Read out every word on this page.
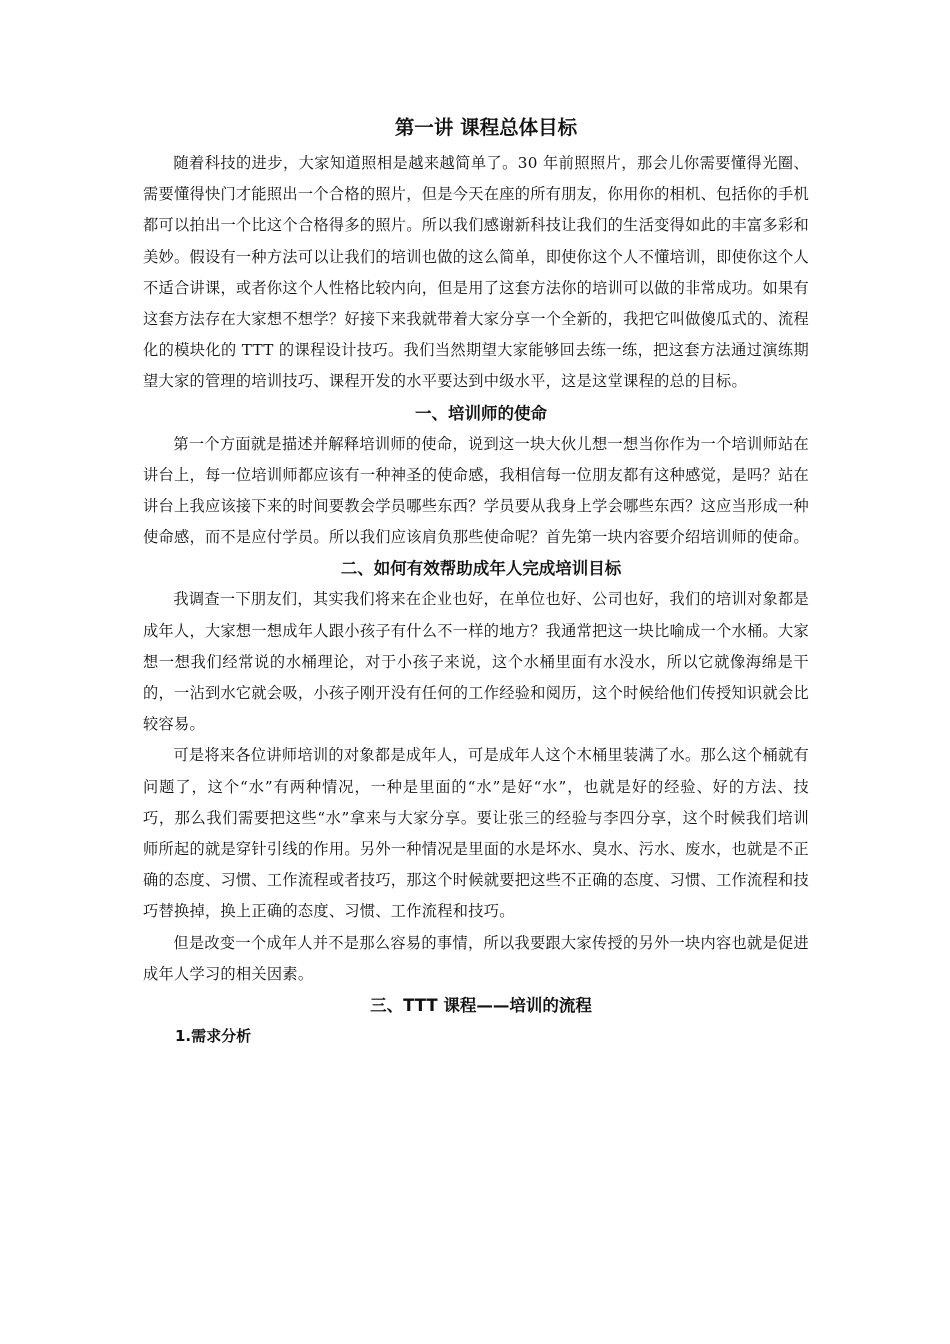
第一讲 课程总体目标

随着科技的进步，大家知道照相是越来越简单了。30 年前照照片，那会儿你需要懂得光圈、需要懂得快门才能照出一个合格的照片，但是今天在座的所有朋友，你用你的相机、包括你的手机都可以拍出一个比这个合格得多的照片。所以我们感谢新科技让我们的生活变得如此的丰富多彩和美妙。假设有一种方法可以让我们的培训也做的这么简单，即使你这个人不懂培训，即使你这个人不适合讲课，或者你这个人性格比较内向，但是用了这套方法你的培训可以做的非常成功。如果有这套方法存在大家想不想学？好接下来我就带着大家分享一个全新的，我把它叫做傻瓜式的、流程化的模块化的 TTT 的课程设计技巧。我们当然期望大家能够回去练一练，把这套方法通过演练期望大家的管理的培训技巧、课程开发的水平要达到中级水平，这是这堂课程的总的目标。

一、培训师的使命

第一个方面就是描述并解释培训师的使命，说到这一块大伙儿想一想当你作为一个培训师站在讲台上，每一位培训师都应该有一种神圣的使命感，我相信每一位朋友都有这种感觉，是吗？站在讲台上我应该接下来的时间要教会学员哪些东西？学员要从我身上学会哪些东西？这应当形成一种使命感，而不是应付学员。所以我们应该肩负那些使命呢？首先第一块内容要介绍培训师的使命。

二、如何有效帮助成年人完成培训目标

我调查一下朋友们，其实我们将来在企业也好，在单位也好、公司也好，我们的培训对象都是成年人，大家想一想成年人跟小孩子有什么不一样的地方？我通常把这一块比喻成一个水桶。大家想一想我们经常说的水桶理论，对于小孩子来说，这个水桶里面有水没水，所以它就像海绵是干的，一沾到水它就会吸，小孩子刚开没有任何的工作经验和阅历，这个时候给他们传授知识就会比较容易。

可是将来各位讲师培训的对象都是成年人，可是成年人这个木桶里装满了水。那么这个桶就有问题了，这个“水”有两种情况，一种是里面的“水”是好“水”，也就是好的经验、好的方法、技巧，那么我们需要把这些“水”拿来与大家分享。要让张三的经验与李四分享，这个时候我们培训师所起的就是穿针引线的作用。另外一种情况是里面的水是坏水、臭水、污水、废水，也就是不正确的态度、习惯、工作流程或者技巧，那这个时候就要把这些不正确的态度、习惯、工作流程和技巧替换掉，换上正确的态度、习惯、工作流程和技巧。

但是改变一个成年人并不是那么容易的事情，所以我要跟大家传授的另外一块内容也就是促进成年人学习的相关因素。

三、TTT 课程——培训的流程
1.需求分析
